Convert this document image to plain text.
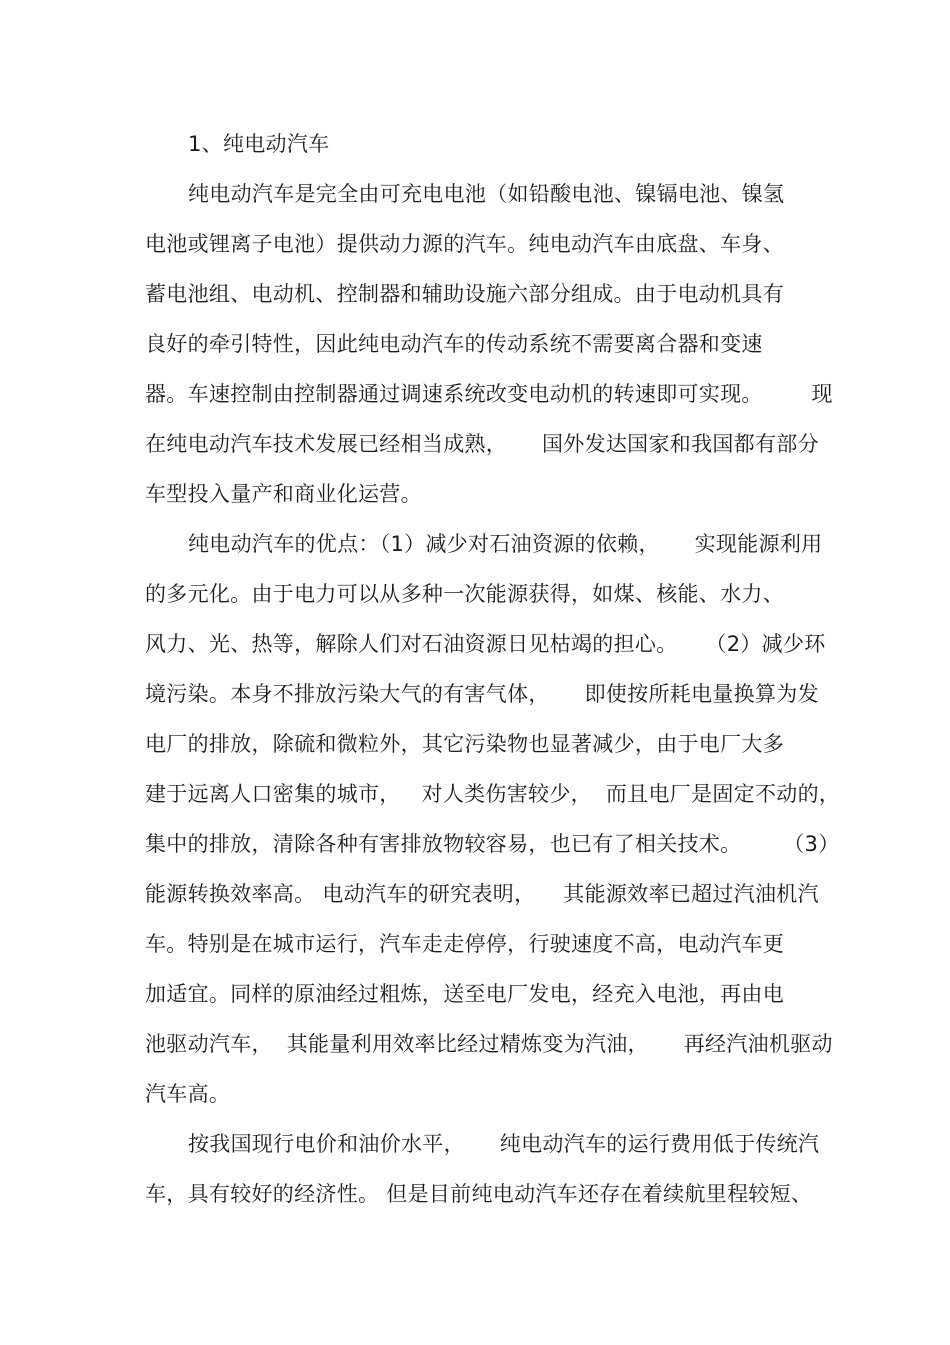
1、纯电动汽车
纯电动汽车是完全由可充电电池（如铅酸电池、镍镉电池、镍氢
电池或锂离子电池）提供动力源的汽车。纯电动汽车由底盘、车身、
蓄电池组、电动机、控制器和辅助设施六部分组成。由于电动机具有
良好的牵引特性，因此纯电动汽车的传动系统不需要离合器和变速
器。车速控制由控制器通过调速系统改变电动机的转速即可实现。       现
在纯电动汽车技术发展已经相当成熟，     国外发达国家和我国都有部分
车型投入量产和商业化运营。
纯电动汽车的优点：（1）减少对石油资源的依赖，     实现能源利用
的多元化。由于电力可以从多种一次能源获得，如煤、核能、水力、
风力、光、热等，解除人们对石油资源日见枯竭的担心。    （2）减少环
境污染。本身不排放污染大气的有害气体，     即使按所耗电量换算为发
电厂的排放，除硫和微粒外，其它污染物也显著减少，由于电厂大多
建于远离人口密集的城市，   对人类伤害较少，  而且电厂是固定不动的，
集中的排放，清除各种有害排放物较容易，也已有了相关技术。      （3）
能源转换效率高。 电动汽车的研究表明，    其能源效率已超过汽油机汽
车。特别是在城市运行，汽车走走停停，行驶速度不高，电动汽车更
加适宜。同样的原油经过粗炼，送至电厂发电，经充入电池，再由电
池驱动汽车，  其能量利用效率比经过精炼变为汽油，     再经汽油机驱动
汽车高。
按我国现行电价和油价水平，     纯电动汽车的运行费用低于传统汽
车，具有较好的经济性。 但是目前纯电动汽车还存在着续航里程较短、
